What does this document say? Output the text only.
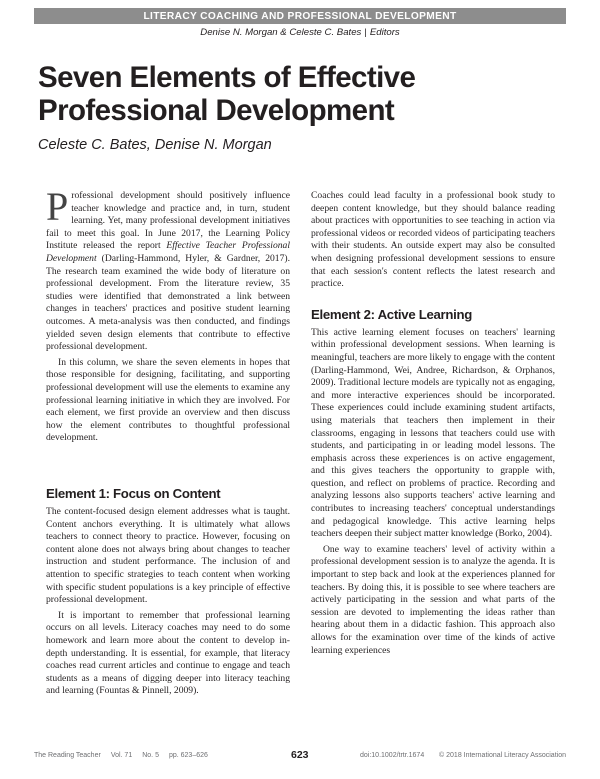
LITERACY COACHING AND PROFESSIONAL DEVELOPMENT
Denise N. Morgan & Celeste C. Bates | Editors
Seven Elements of Effective
Professional Development
Celeste C. Bates, Denise N. Morgan

Professional development should positively influence teacher knowledge and practice and, in turn, student learning. Yet, many professional development initiatives fail to meet this goal. In June 2017, the Learning Policy Institute released the report Effective Teacher Professional Development (Darling-Hammond, Hyler, & Gardner, 2017). The research team examined the wide body of literature on professional development. From the literature review, 35 studies were identified that demonstrated a link between changes in teachers' practices and positive student learning outcomes. A meta-analysis was then conducted, and findings yielded seven design elements that contribute to effective professional development.

In this column, we share the seven elements in hopes that those responsible for designing, facilitating, and supporting professional development will use the elements to examine any professional learning initiative in which they are involved. For each element, we first provide an overview and then discuss how the element contributes to thoughtful professional development.

Element 1: Focus on Content

The content-focused design element addresses what is taught. Content anchors everything. It is ultimately what allows teachers to connect theory to practice. However, focusing on content alone does not always bring about changes to teacher instruction and student performance. The inclusion of and attention to specific strategies to teach content when working with specific student populations is a key principle of effective professional development.

It is important to remember that professional learning occurs on all levels. Literacy coaches may need to do some homework and learn more about the content to develop in-depth understanding. It is essential, for example, that literacy coaches read current articles and continue to engage and teach students as a means of digging deeper into literacy teaching and learning (Fountas & Pinnell, 2009).

Coaches could lead faculty in a professional book study to deepen content knowledge, but they should balance reading about practices with opportunities to see teaching in action via professional videos or recorded videos of participating teachers with their students. An outside expert may also be consulted when designing professional development sessions to ensure that each session's content reflects the latest research and practice.

Element 2: Active Learning

This active learning element focuses on teachers' learning within professional development sessions. When learning is meaningful, teachers are more likely to engage with the content (Darling-Hammond, Wei, Andree, Richardson, & Orphanos, 2009). Traditional lecture models are typically not as engaging, and more interactive experiences should be incorporated. These experiences could include examining student artifacts, using materials that teachers then implement in their classrooms, engaging in lessons that teachers could use with students, and participating in or leading model lessons. The emphasis across these experiences is on active engagement, and this gives teachers the opportunity to grapple with, question, and reflect on problems of practice. Recording and analyzing lessons also supports teachers' active learning and contributes to increasing teachers' conceptual understandings and pedagogical knowledge. This active learning helps teachers deepen their subject matter knowledge (Borko, 2004).

One way to examine teachers' level of activity within a professional development session is to analyze the agenda. It is important to step back and look at the experiences planned for teachers. By doing this, it is possible to see where teachers are actively participating in the session and what parts of the session are devoted to implementing the ideas rather than hearing about them in a didactic fashion. This approach also allows for the examination over time of the kinds of active learning experiences

The Reading Teacher Vol. 71 No. 5 pp. 623–626	623	doi:10.1002/trtr.1674 © 2018 International Literacy Association
